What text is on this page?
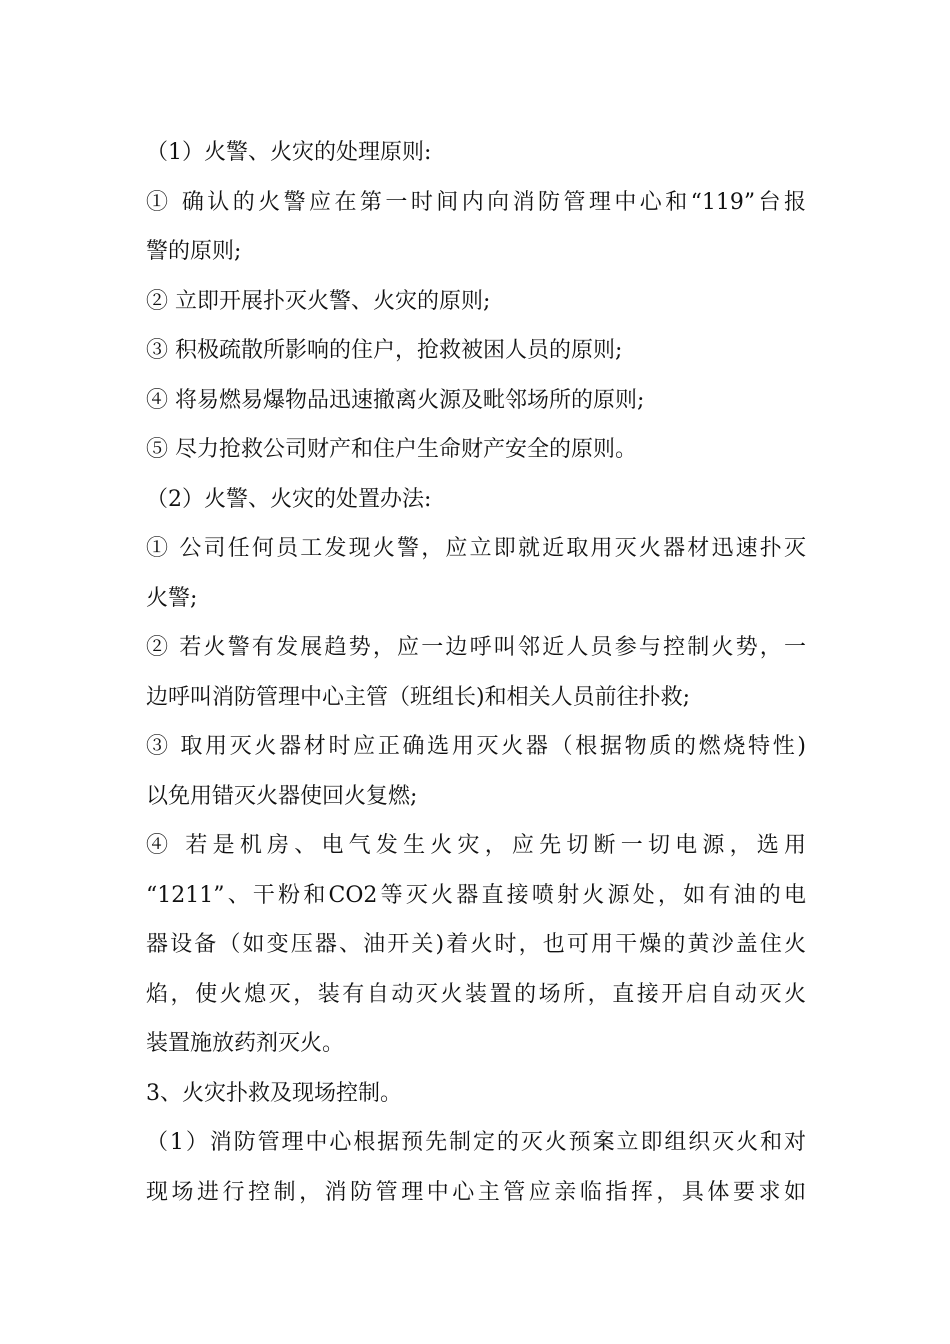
（1）火警、火灾的处理原则:
① 确认的火警应在第一时间内向消防管理中心和“119”台报
警的原则;
② 立即开展扑灭火警、火灾的原则;
③ 积极疏散所影响的住户，抢救被困人员的原则;
④ 将易燃易爆物品迅速撤离火源及毗邻场所的原则;
⑤ 尽力抢救公司财产和住户生命财产安全的原则。
（2）火警、火灾的处置办法:
① 公司任何员工发现火警，应立即就近取用灭火器材迅速扑灭
火警;
② 若火警有发展趋势，应一边呼叫邻近人员参与控制火势，一
边呼叫消防管理中心主管（班组长)和相关人员前往扑救;
③ 取用灭火器材时应正确选用灭火器（根据物质的燃烧特性)
以免用错灭火器使回火复燃;
④ 若是机房、电气发生火灾，应先切断一切电源，选用
“1211”、干粉和CO2等灭火器直接喷射火源处，如有油的电
器设备（如变压器、油开关)着火时，也可用干燥的黄沙盖住火
焰，使火熄灭，装有自动灭火装置的场所，直接开启自动灭火
装置施放药剂灭火。
3、火灾扑救及现场控制。
（1）消防管理中心根据预先制定的灭火预案立即组织灭火和对
现场进行控制，消防管理中心主管应亲临指挥，具体要求如
